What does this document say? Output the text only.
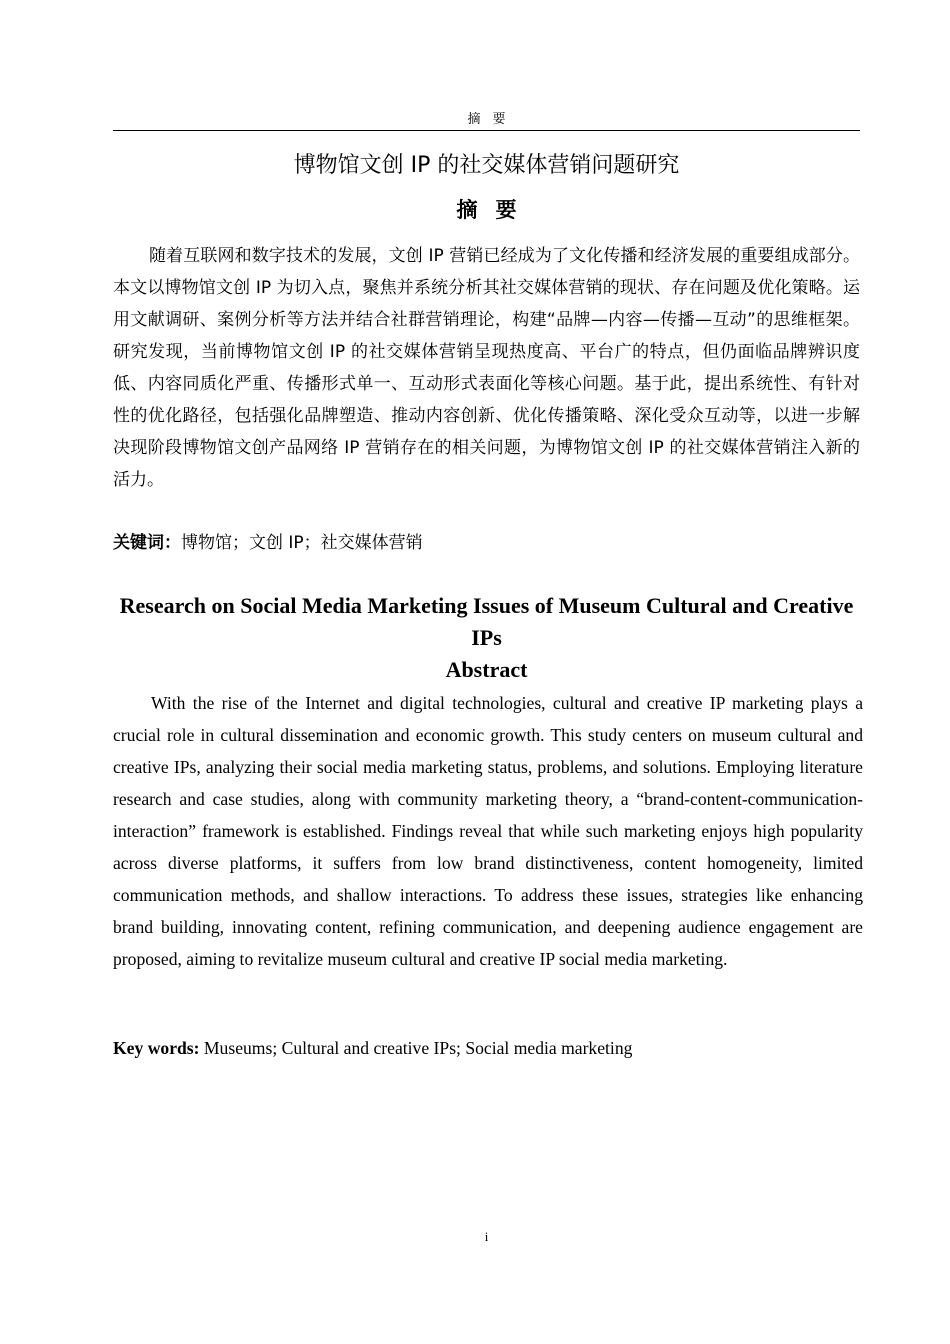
摘要
博物馆文创 IP 的社交媒体营销问题研究
摘要

随着互联网和数字技术的发展，文创 IP 营销已经成为了文化传播和经济发展的重要组成部分。本文以博物馆文创 IP 为切入点，聚焦并系统分析其社交媒体营销的现状、存在问题及优化策略。运用文献调研、案例分析等方法并结合社群营销理论，构建“品牌—内容—传播—互动”的思维框架。研究发现，当前博物馆文创 IP 的社交媒体营销呈现热度高、平台广的特点，但仍面临品牌辨识度低、内容同质化严重、传播形式单一、互动形式表面化等核心问题。基于此，提出系统性、有针对性的优化路径，包括强化品牌塑造、推动内容创新、优化传播策略、深化受众互动等，以进一步解决现阶段博物馆文创产品网络 IP 营销存在的相关问题，为博物馆文创 IP 的社交媒体营销注入新的活力。

关键词：博物馆；文创 IP；社交媒体营销
Research on Social Media Marketing Issues of Museum Cultural and Creative IPs
Abstract

With the rise of the Internet and digital technologies, cultural and creative IP marketing plays a crucial role in cultural dissemination and economic growth. This study centers on museum cultural and creative IPs, analyzing their social media marketing status, problems, and solutions. Employing literature research and case studies, along with community marketing theory, a “brand-content-communication-interaction” framework is established. Findings reveal that while such marketing enjoys high popularity across diverse platforms, it suffers from low brand distinctiveness, content homogeneity, limited communication methods, and shallow interactions. To address these issues, strategies like enhancing brand building, innovating content, refining communication, and deepening audience engagement are proposed, aiming to revitalize museum cultural and creative IP social media marketing.

Key words: Museums; Cultural and creative IPs; Social media marketing
i
